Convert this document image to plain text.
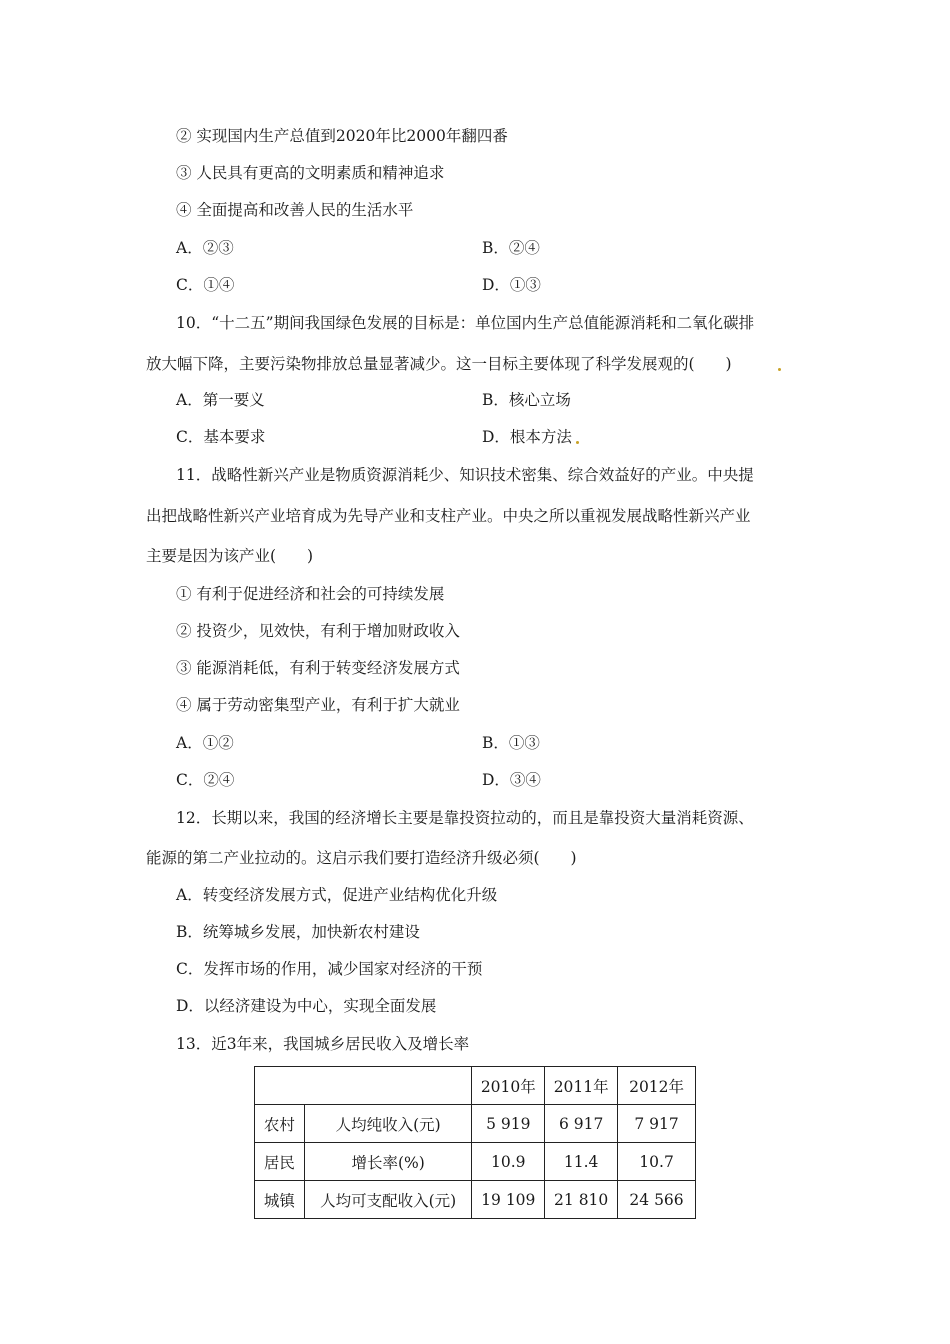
② 实现国内生产总值到2020年比2000年翻四番
③ 人民具有更高的文明素质和精神追求
④ 全面提高和改善人民的生活水平
A．②③	B．②④
C．①④	D．①③
10．“十二五”期间我国绿色发展的目标是：单位国内生产总值能源消耗和二氧化碳排
放大幅下降，主要污染物排放总量显著减少。这一目标主要体现了科学发展观的(　　)
A．第一要义	B．核心立场
C．基本要求	D．根本方法
11．战略性新兴产业是物质资源消耗少、知识技术密集、综合效益好的产业。中央提
出把战略性新兴产业培育成为先导产业和支柱产业。中央之所以重视发展战略性新兴产业
主要是因为该产业(　　)
① 有利于促进经济和社会的可持续发展
② 投资少，见效快，有利于增加财政收入
③ 能源消耗低，有利于转变经济发展方式
④ 属于劳动密集型产业，有利于扩大就业
A．①②	B．①③
C．②④	D．③④
12．长期以来，我国的经济增长主要是靠投资拉动的，而且是靠投资大量消耗资源、
能源的第二产业拉动的。这启示我们要打造经济升级必须(　　)
A．转变经济发展方式，促进产业结构优化升级
B．统筹城乡发展，加快新农村建设
C．发挥市场的作用，减少国家对经济的干预
D．以经济建设为中心，实现全面发展
13．近3年来，我国城乡居民收入及增长率
		2010年	2011年	2012年
农村	人均纯收入(元)	5 919	6 917	7 917
居民	增长率(%)	10.9	11.4	10.7
城镇	人均可支配收入(元)	19 109	21 810	24 566
